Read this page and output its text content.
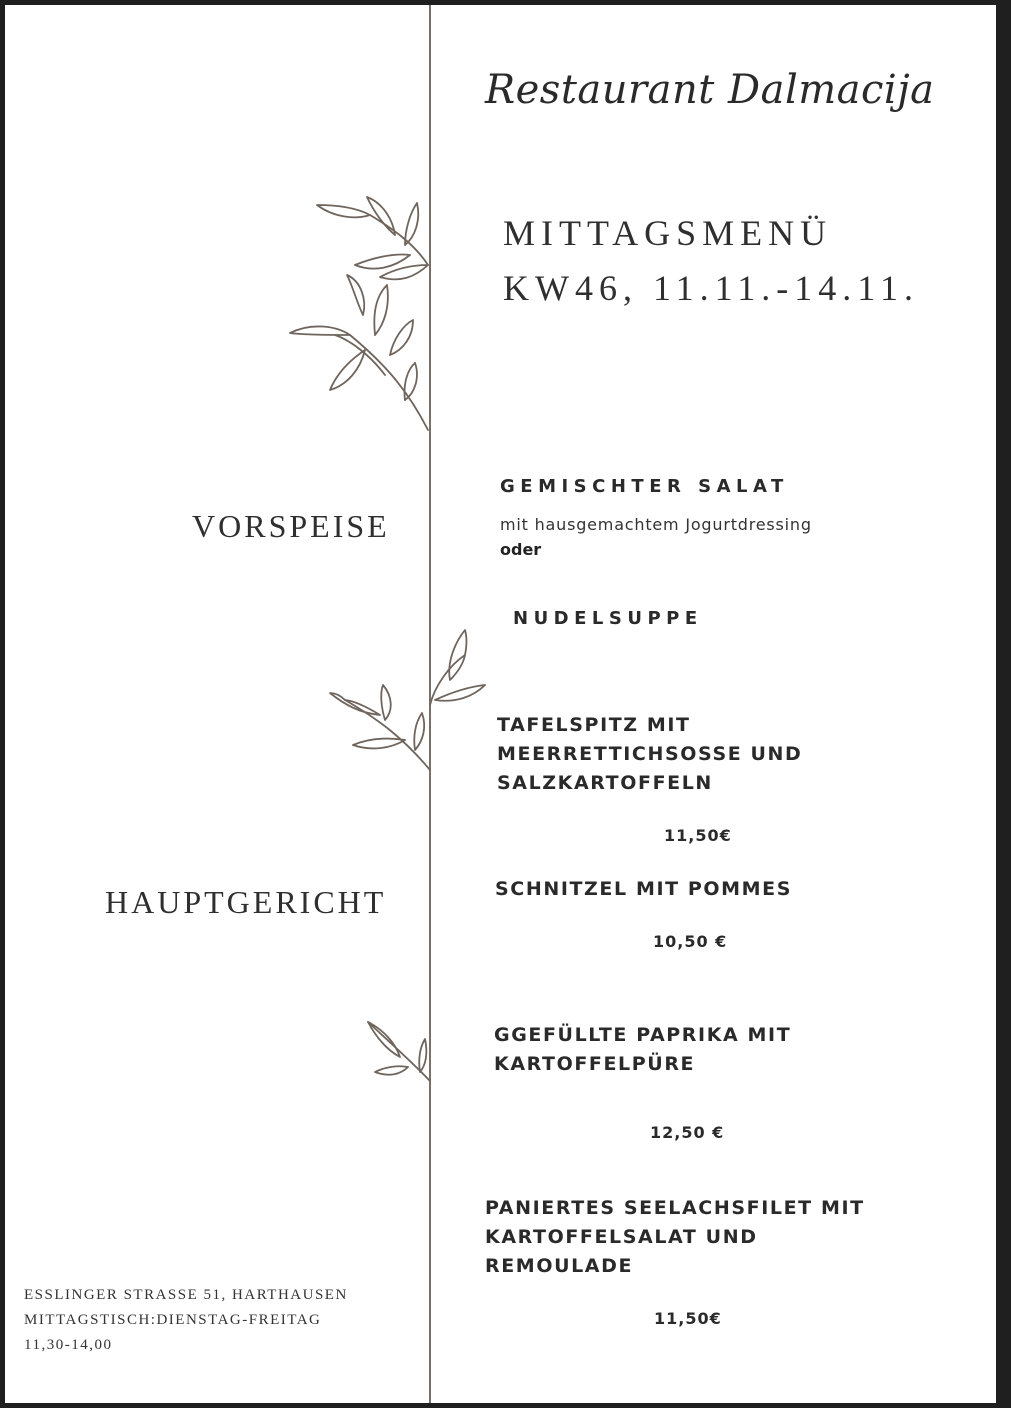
Restaurant Dalmacija
MITTAGSMENÜ
KW46, 11.11.-14.11.
VORSPEISE
HAUPTGERICHT
GEMISCHTER SALAT
mit hausgemachtem Jogurtdressing
oder
NUDELSUPPE
TAFELSPITZ MIT
MEERRETTICHSOSSE UND
SALZKARTOFFELN
11,50€
SCHNITZEL MIT POMMES
10,50 €
GGEFÜLLTE PAPRIKA MIT
KARTOFFELPÜRE
12,50 €
PANIERTES SEELACHSFILET MIT
KARTOFFELSALAT UND
REMOULADE
11,50€
ESSLINGER STRASSE 51, HARTHAUSEN
MITTAGSTISCH:DIENSTAG-FREITAG
11,30-14,00
